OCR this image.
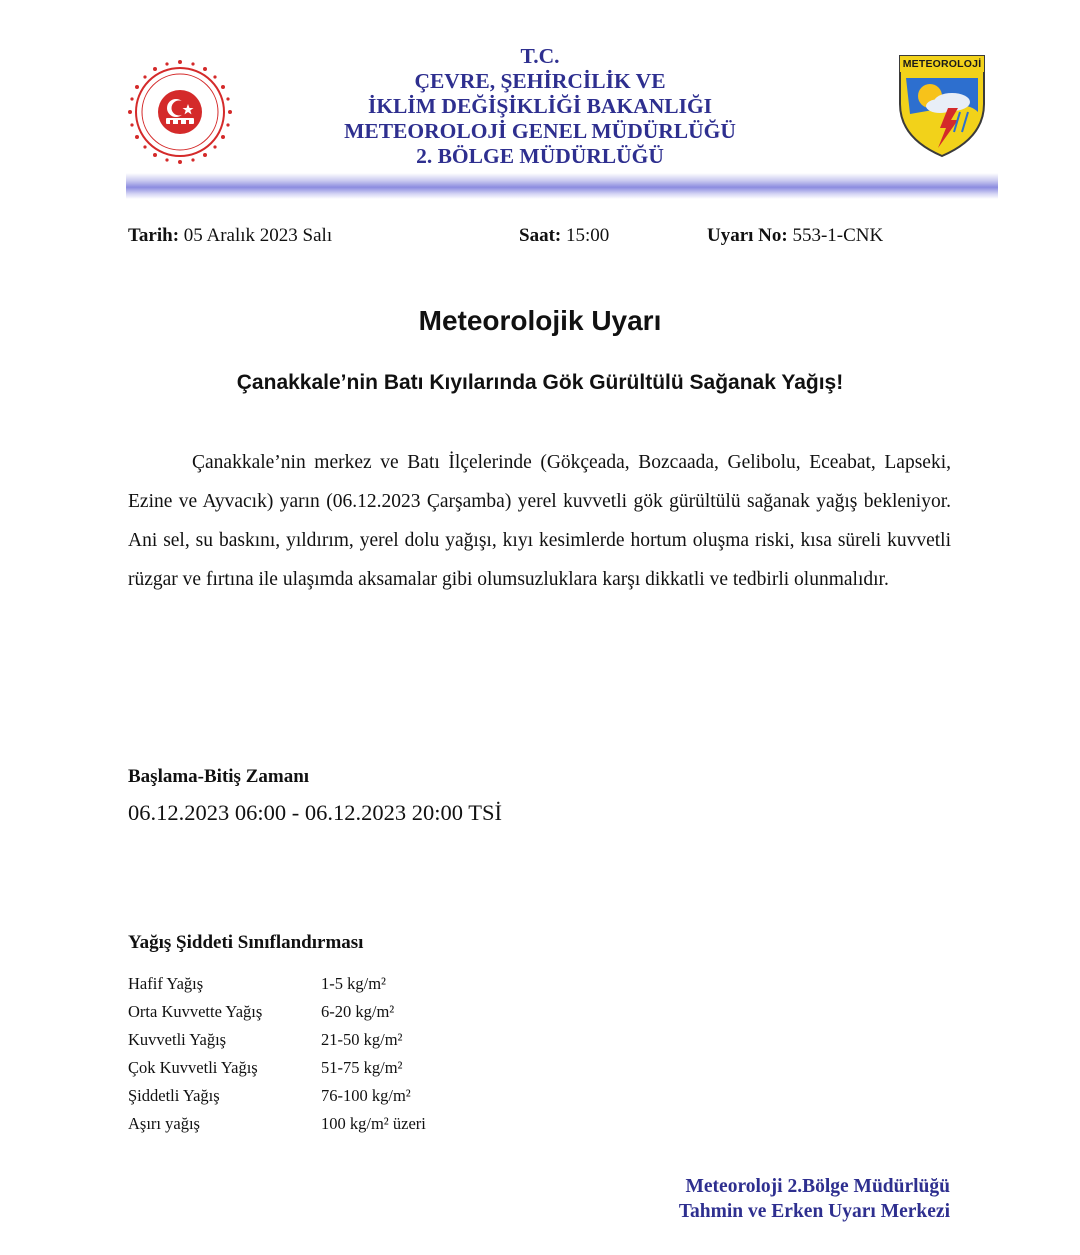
T.C.
ÇEVRE, ŞEHİRCİLİK VE
İKLİM DEĞİŞİKLİĞİ BAKANLIĞI
METEOROLOJİ GENEL MÜDÜRLÜĞÜ
2. BÖLGE MÜDÜRLÜĞÜ
METEOROLOJİ
Tarih: 05 Aralık 2023 Salı	Saat: 15:00	Uyarı No: 553-1-CNK
Meteorolojik Uyarı
Çanakkale’nin Batı Kıyılarında Gök Gürültülü Sağanak Yağış!
Çanakkale’nin merkez ve Batı İlçelerinde (Gökçeada, Bozcaada, Gelibolu, Eceabat, Lapseki, Ezine ve Ayvacık) yarın (06.12.2023 Çarşamba) yerel kuvvetli gök gürültülü sağanak yağış bekleniyor. Ani sel, su baskını, yıldırım, yerel dolu yağışı, kıyı kesimlerde hortum oluşma riski, kısa süreli kuvvetli rüzgar ve fırtına ile ulaşımda aksamalar gibi olumsuzluklara karşı dikkatli ve tedbirli olunmalıdır.
Başlama-Bitiş Zamanı
06.12.2023 06:00 - 06.12.2023 20:00 TSİ
Yağış Şiddeti Sınıflandırması
Hafif Yağış	1-5 kg/m²
Orta Kuvvette Yağış	6-20 kg/m²
Kuvvetli Yağış	21-50 kg/m²
Çok Kuvvetli Yağış	51-75 kg/m²
Şiddetli Yağış	76-100 kg/m²
Aşırı yağış	100 kg/m² üzeri
Meteoroloji 2.Bölge Müdürlüğü
Tahmin ve Erken Uyarı Merkezi
